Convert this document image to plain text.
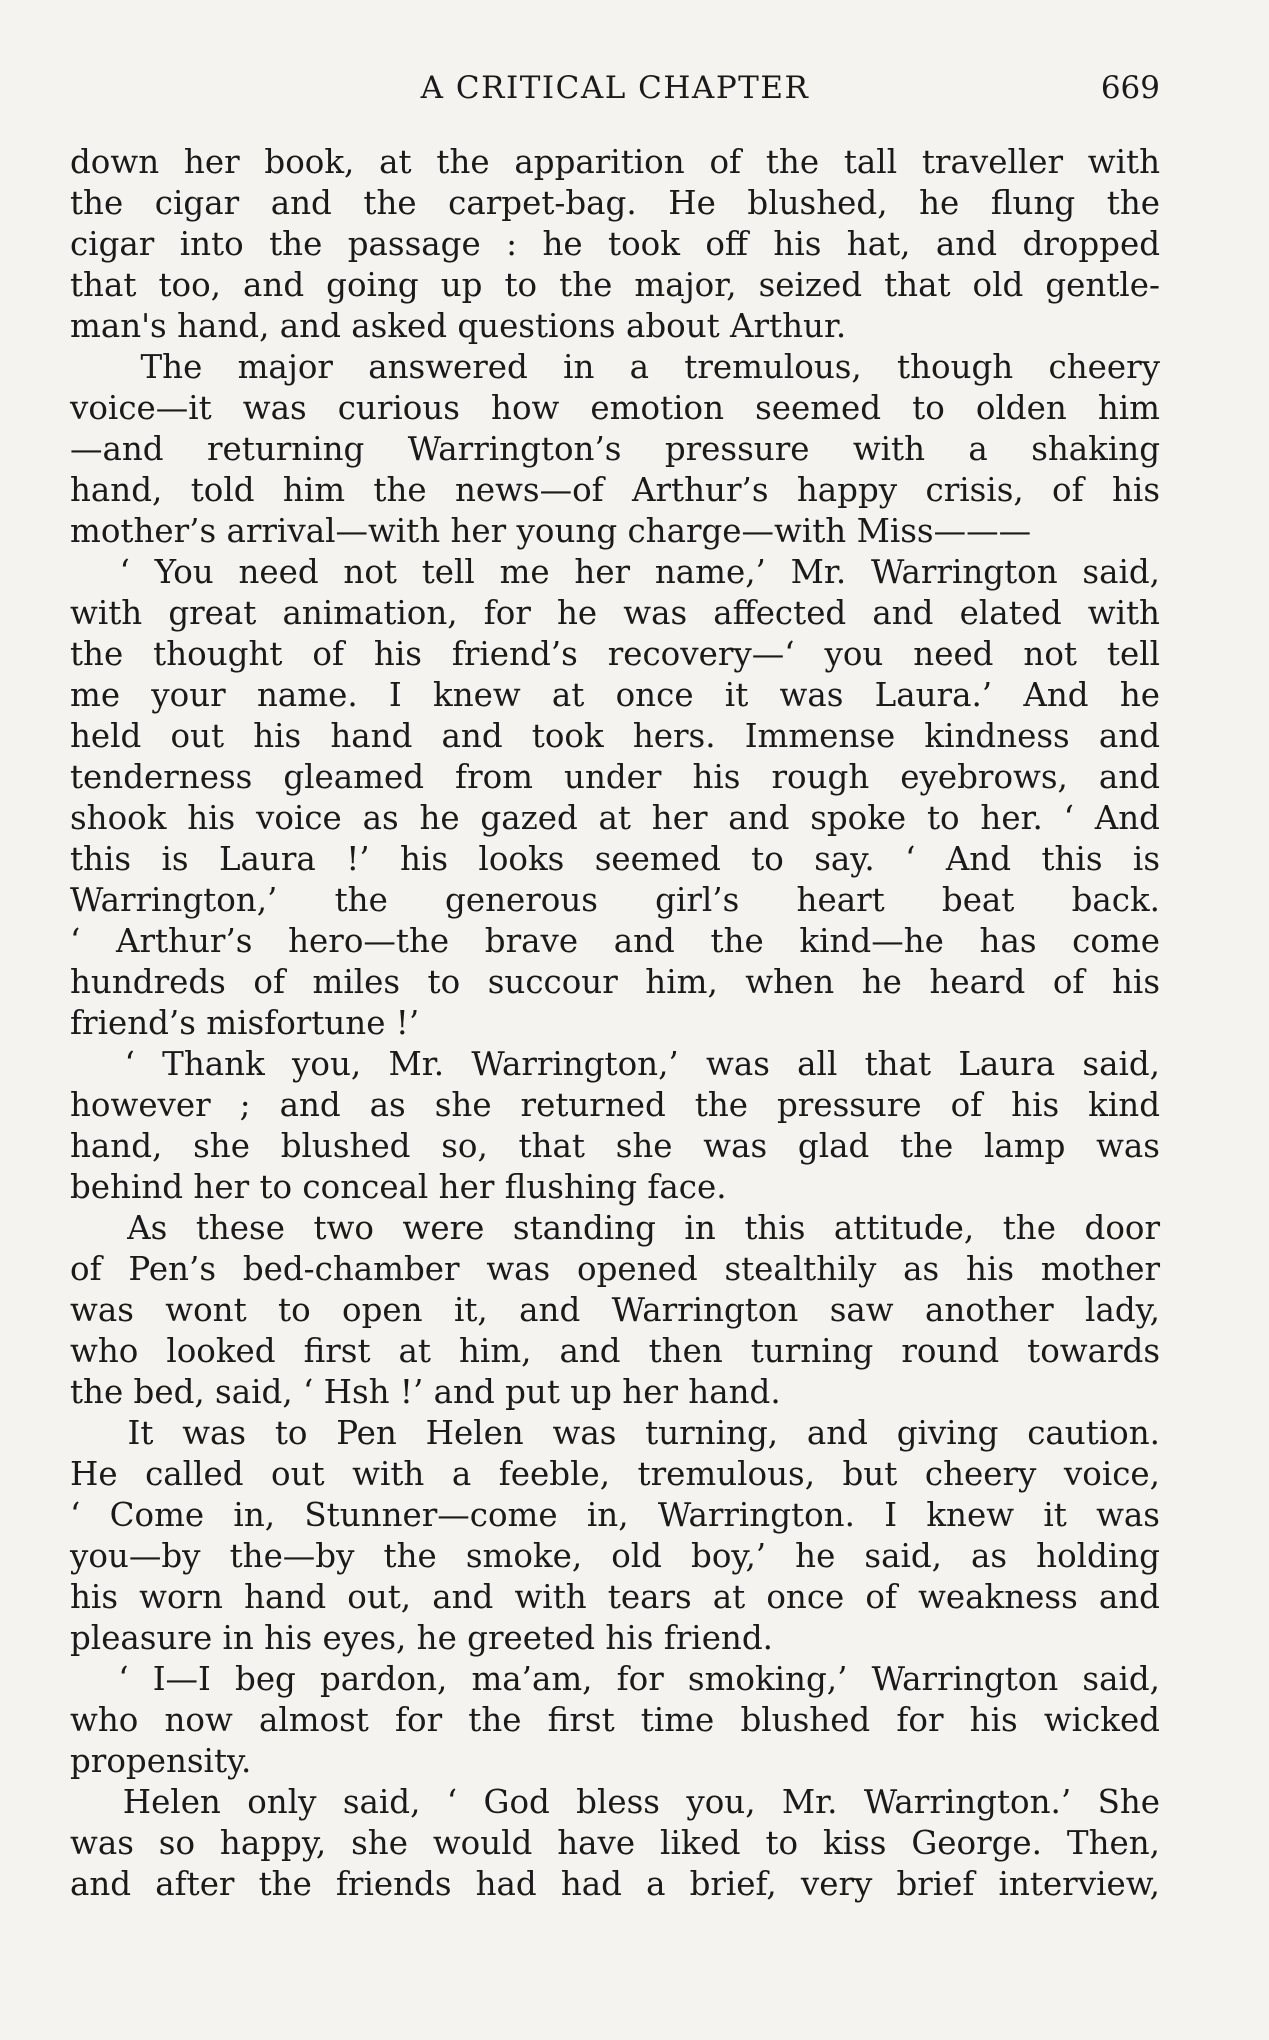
A CRITICAL CHAPTER	669
down her book, at the apparition of the tall traveller with
the cigar and the carpet-bag. He blushed, he flung the
cigar into the passage : he took off his hat, and dropped
that too, and going up to the major, seized that old gentle-
man's hand, and asked questions about Arthur.
The major answered in a tremulous, though cheery
voice—it was curious how emotion seemed to olden him
—and returning Warrington’s pressure with a shaking
hand, told him the news—of Arthur’s happy crisis, of his
mother’s arrival—with her young charge—with Miss———
‘ You need not tell me her name,’ Mr. Warrington said,
with great animation, for he was affected and elated with
the thought of his friend’s recovery—‘ you need not tell
me your name. I knew at once it was Laura.’ And he
held out his hand and took hers. Immense kindness and
tenderness gleamed from under his rough eyebrows, and
shook his voice as he gazed at her and spoke to her. ‘ And
this is Laura !’ his looks seemed to say. ‘ And this is
Warrington,’ the generous girl’s heart beat back.
‘ Arthur’s hero—the brave and the kind—he has come
hundreds of miles to succour him, when he heard of his
friend’s misfortune !’
‘ Thank you, Mr. Warrington,’ was all that Laura said,
however ; and as she returned the pressure of his kind
hand, she blushed so, that she was glad the lamp was
behind her to conceal her flushing face.
As these two were standing in this attitude, the door
of Pen’s bed-chamber was opened stealthily as his mother
was wont to open it, and Warrington saw another lady,
who looked first at him, and then turning round towards
the bed, said, ‘ Hsh !’ and put up her hand.
It was to Pen Helen was turning, and giving caution.
He called out with a feeble, tremulous, but cheery voice,
‘ Come in, Stunner—come in, Warrington. I knew it was
you—by the—by the smoke, old boy,’ he said, as holding
his worn hand out, and with tears at once of weakness and
pleasure in his eyes, he greeted his friend.
‘ I—I beg pardon, ma’am, for smoking,’ Warrington said,
who now almost for the first time blushed for his wicked
propensity.
Helen only said, ‘ God bless you, Mr. Warrington.’ She
was so happy, she would have liked to kiss George. Then,
and after the friends had had a brief, very brief interview,
